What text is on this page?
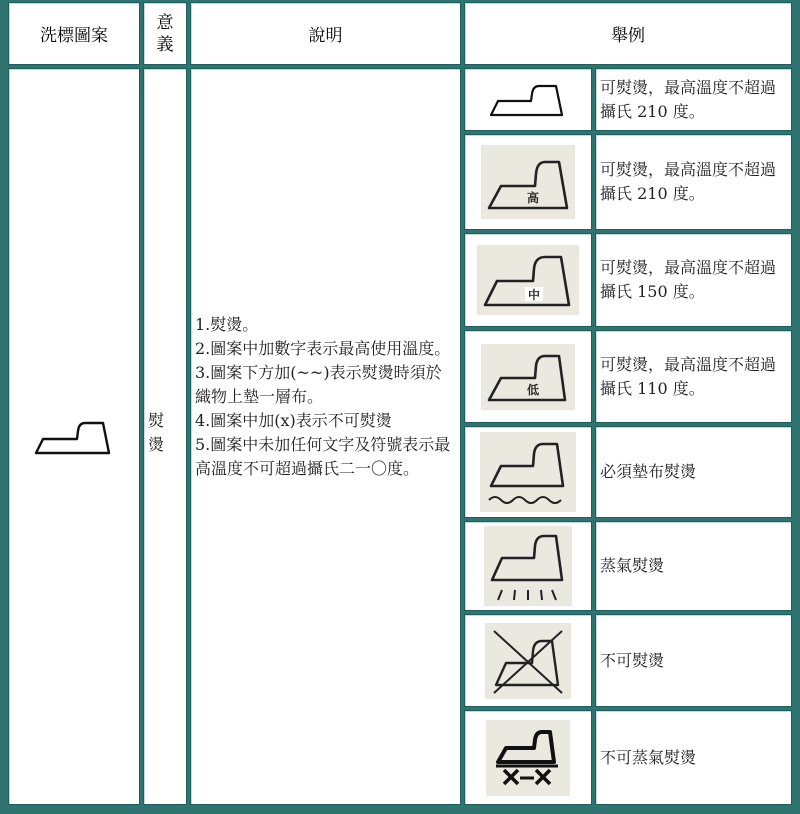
洗標圖案
意
義	說明	舉例
熨
燙
1.熨燙。
2.圖案中加數字表示最高使用溫度。
3.圖案下方加(~~)表示熨燙時須於織物上墊一層布。
4.圖案中加(x)表示不可熨燙
5.圖案中未加任何文字及符號表示最高溫度不可超過攝氏二一〇度。
可熨燙，最高溫度不超過攝氏 210 度。
高
可熨燙，最高溫度不超過攝氏 210 度。
中
可熨燙，最高溫度不超過攝氏 150 度。
低
可熨燙，最高溫度不超過攝氏 110 度。
必須墊布熨燙
蒸氣熨燙
不可熨燙
不可蒸氣熨燙
